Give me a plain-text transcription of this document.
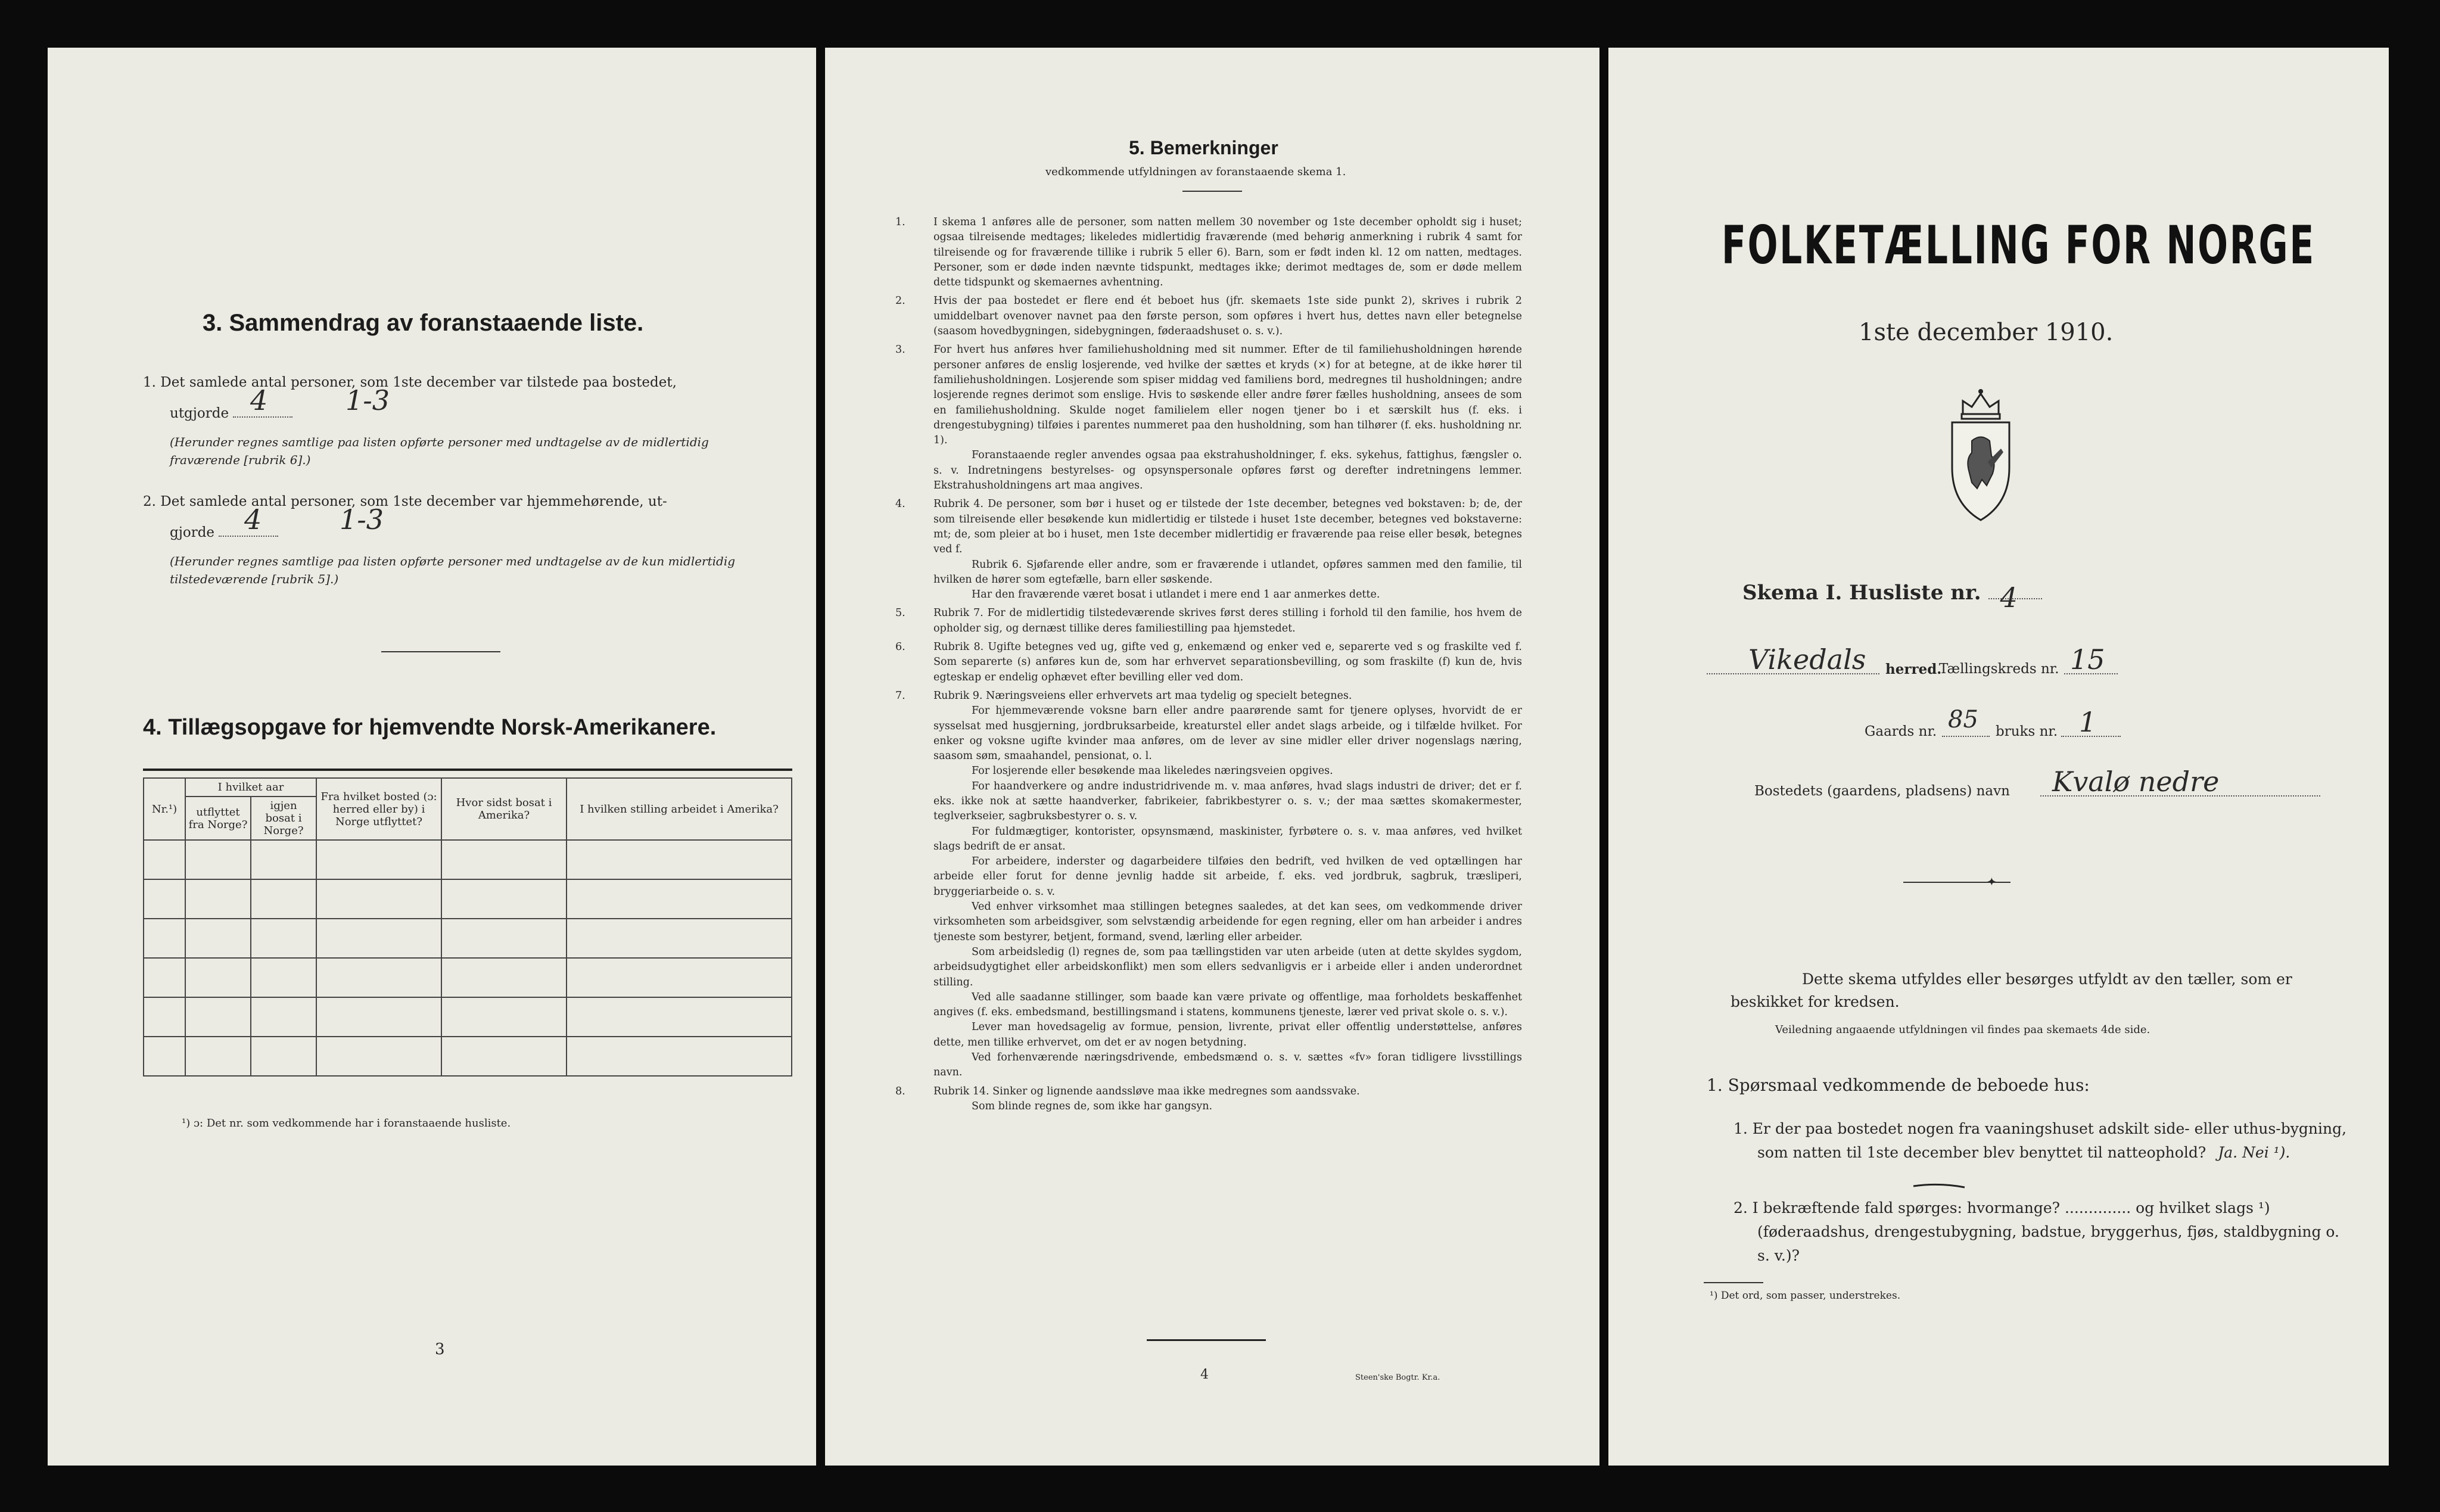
3. Sammendrag av foranstaaende liste.
1. Det samlede antal personer, som 1ste december var tilstede paa bostedet,
utgjorde 4	1-3
(Herunder regnes samtlige paa listen opførte personer med undtagelse av de midlertidig fraværende [rubrik 6].)
2. Det samlede antal personer, som 1ste december var hjemmehørende, ut-
gjorde 4	1-3
(Herunder regnes samtlige paa listen opførte personer med undtagelse av de kun midlertidig tilstedeværende [rubrik 5].)
4. Tillægsopgave for hjemvendte Norsk-Amerikanere.
Nr.¹)	I hvilket aar		Fra hvilket bosted (ɔ: herred eller by) i Norge utflyttet?	Hvor sidst bosat i Amerika?	I hvilken stilling arbeidet i Amerika?
	utflyttet fra Norge?	igjen bosat i Norge?			

¹) ɔ: Det nr. som vedkommende har i foranstaaende husliste.
3
5. Bemerkninger
vedkommende utfyldningen av foranstaaende skema 1.

1.	I skema 1 anføres alle de personer, som natten mellem 30 november og 1ste december opholdt sig i huset; ogsaa tilreisende medtages; likeledes midlertidig fraværende (med behørig anmerkning i rubrik 4 samt for tilreisende og for fraværende tillike i rubrik 5 eller 6). Barn, som er født inden kl. 12 om natten, medtages. Personer, som er døde inden nævnte tidspunkt, medtages ikke; derimot medtages de, som er døde mellem dette tidspunkt og skemaernes avhentning.

2.	Hvis der paa bostedet er flere end ét beboet hus (jfr. skemaets 1ste side punkt 2), skrives i rubrik 2 umiddelbart ovenover navnet paa den første person, som opføres i hvert hus, dettes navn eller betegnelse (saasom hovedbygningen, sidebygningen, føderaadshuset o. s. v.).

3.	For hvert hus anføres hver familiehusholdning med sit nummer. Efter de til familiehusholdningen hørende personer anføres de enslig losjerende, ved hvilke der sættes et kryds (×) for at betegne, at de ikke hører til familiehusholdningen. Losjerende som spiser middag ved familiens bord, medregnes til husholdningen; andre losjerende regnes derimot som enslige. Hvis to søskende eller andre fører fælles husholdning, ansees de som en familiehusholdning. Skulde noget familielem eller nogen tjener bo i et særskilt hus (f. eks. i drengestubygning) tilføies i parentes nummeret paa den husholdning, som han tilhører (f. eks. husholdning nr. 1).

Foranstaaende regler anvendes ogsaa paa ekstrahusholdninger, f. eks. sykehus, fattighus, fængsler o. s. v. Indretningens bestyrelses- og opsynspersonale opføres først og derefter indretningens lemmer. Ekstrahusholdningens art maa angives.

4.	Rubrik 4. De personer, som bør i huset og er tilstede der 1ste december, betegnes ved bokstaven: b; de, der som tilreisende eller besøkende kun midlertidig er tilstede i huset 1ste december, betegnes ved bokstaverne: mt; de, som pleier at bo i huset, men 1ste december midlertidig er fraværende paa reise eller besøk, betegnes ved f.

Rubrik 6. Sjøfarende eller andre, som er fraværende i utlandet, opføres sammen med den familie, til hvilken de hører som egtefælle, barn eller søskende.

Har den fraværende været bosat i utlandet i mere end 1 aar anmerkes dette.

5.	Rubrik 7. For de midlertidig tilstedeværende skrives først deres stilling i forhold til den familie, hos hvem de opholder sig, og dernæst tillike deres familiestilling paa hjemstedet.

6.	Rubrik 8. Ugifte betegnes ved ug, gifte ved g, enkemænd og enker ved e, separerte ved s og fraskilte ved f. Som separerte (s) anføres kun de, som har erhvervet separationsbevilling, og som fraskilte (f) kun de, hvis egteskap er endelig ophævet efter bevilling eller ved dom.

7.	Rubrik 9. Næringsveiens eller erhvervets art maa tydelig og specielt betegnes.

For hjemmeværende voksne barn eller andre paarørende samt for tjenere oplyses, hvorvidt de er sysselsat med husgjerning, jordbruksarbeide, kreaturstel eller andet slags arbeide, og i tilfælde hvilket. For enker og voksne ugifte kvinder maa anføres, om de lever av sine midler eller driver nogenslags næring, saasom søm, smaahandel, pensionat, o. l.

For losjerende eller besøkende maa likeledes næringsveien opgives.

For haandverkere og andre industridrivende m. v. maa anføres, hvad slags industri de driver; det er f. eks. ikke nok at sætte haandverker, fabrikeier, fabrikbestyrer o. s. v.; der maa sættes skomakermester, teglverkseier, sagbruksbestyrer o. s. v.

For fuldmægtiger, kontorister, opsynsmænd, maskinister, fyrbøtere o. s. v. maa anføres, ved hvilket slags bedrift de er ansat.

For arbeidere, inderster og dagarbeidere tilføies den bedrift, ved hvilken de ved optællingen har arbeide eller forut for denne jevnlig hadde sit arbeide, f. eks. ved jordbruk, sagbruk, træsliperi, bryggeriarbeide o. s. v.

Ved enhver virksomhet maa stillingen betegnes saaledes, at det kan sees, om vedkommende driver virksomheten som arbeidsgiver, som selvstændig arbeidende for egen regning, eller om han arbeider i andres tjeneste som bestyrer, betjent, formand, svend, lærling eller arbeider.

Som arbeidsledig (l) regnes de, som paa tællingstiden var uten arbeide (uten at dette skyldes sygdom, arbeidsudygtighet eller arbeidskonflikt) men som ellers sedvanligvis er i arbeide eller i anden underordnet stilling.

Ved alle saadanne stillinger, som baade kan være private og offentlige, maa forholdets beskaffenhet angives (f. eks. embedsmand, bestillingsmand i statens, kommunens tjeneste, lærer ved privat skole o. s. v.).

Lever man hovedsagelig av formue, pension, livrente, privat eller offentlig understøttelse, anføres dette, men tillike erhvervet, om det er av nogen betydning.

Ved forhenværende næringsdrivende, embedsmænd o. s. v. sættes «fv» foran tidligere livsstillings navn.

8.	Rubrik 14. Sinker og lignende aandssløve maa ikke medregnes som aandssvake.

Som blinde regnes de, som ikke har gangsyn.

4	Steen'ske Bogtr. Kr.a.
FOLKETÆLLING FOR NORGE
1ste december 1910.
Skema I. Husliste nr. 4
Vikedals herred.
Tællingskreds nr. 15
Gaards nr. 85 bruks nr. 1
Bostedets (gaardens, pladsens) navn Kvalø nedre
✦
Dette skema utfyldes eller besørges utfyldt av den tæller, som er beskikket for kredsen.
Veiledning angaaende utfyldningen vil findes paa skemaets 4de side.
1. Spørsmaal vedkommende de beboede hus:
1. Er der paa bostedet nogen fra vaaningshuset adskilt side- eller uthus-bygning, som natten til 1ste december blev benyttet til natteophold? Ja. Nei ¹).
2. I bekræftende fald spørges: hvormange? .............. og hvilket slags ¹)
(føderaadshus, drengestubygning, badstue, bryggerhus, fjøs, staldbygning o. s. v.)?
¹) Det ord, som passer, understrekes.
